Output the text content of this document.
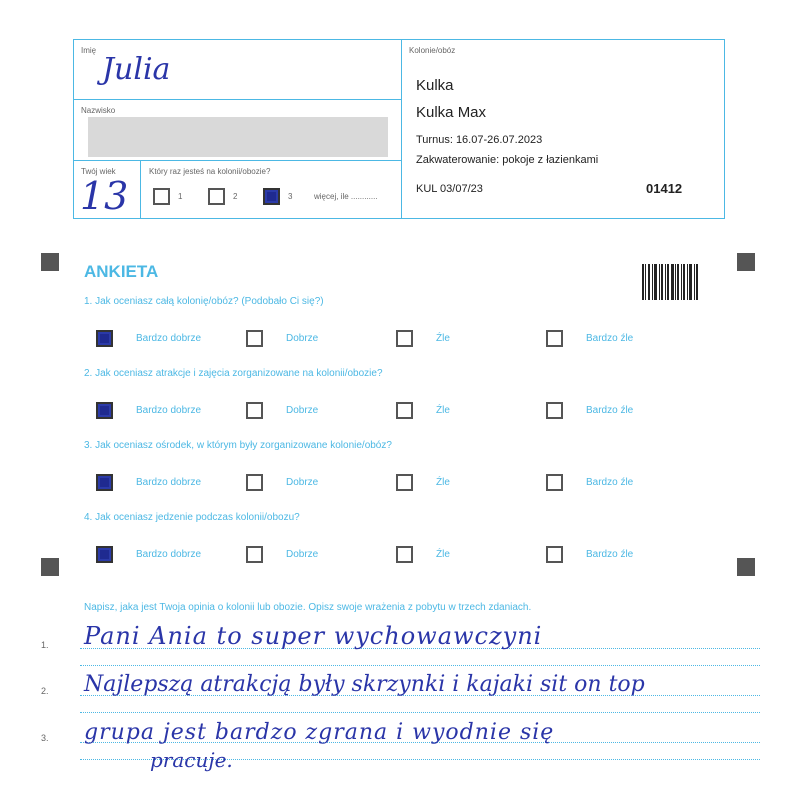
Imię
Julia
Nazwisko
Twój wiek
13
Który raz jesteś na kolonii/obozie?
1	2	3	więcej, ile ............
Kolonie/obóz
Kulka
Kulka Max
Turnus: 16.07-26.07.2023
Zakwaterowanie: pokoje z łazienkami
KUL 03/07/23	01412
ANKIETA
1. Jak oceniasz całą kolonię/obóz? (Podobało Ci się?)
Bardzo dobrze	Dobrze	Źle	Bardzo źle
2. Jak oceniasz atrakcje i zajęcia zorganizowane na kolonii/obozie?
Bardzo dobrze	Dobrze	Źle	Bardzo źle
3. Jak oceniasz ośrodek, w którym były zorganizowane kolonie/obóz?
Bardzo dobrze	Dobrze	Źle	Bardzo źle
4. Jak oceniasz jedzenie podczas kolonii/obozu?
Bardzo dobrze	Dobrze	Źle	Bardzo źle
Napisz, jaka jest Twoja opinia o kolonii lub obozie. Opisz swoje wrażenia z pobytu w trzech zdaniach.
1.
2.
3.
Pani Ania to super wychowawczyni
Najlepszą atrakcją były skrzynki i kajaki sit on top
grupa jest bardzo zgrana i wyodnie się
pracuje.
